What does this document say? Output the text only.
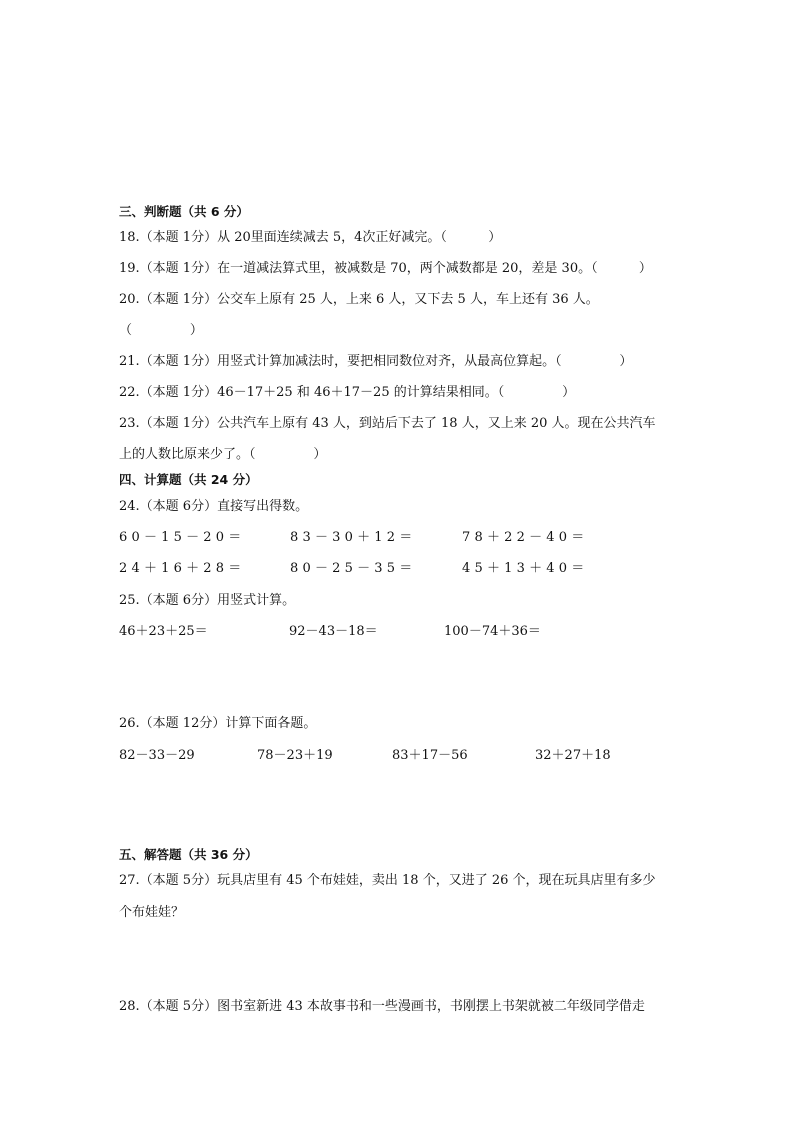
三、判断题（共 6 分）
18.（本题 1分）从 20里面连续减去 5，4次正好减完。（          ）
19.（本题 1分）在一道减法算式里，被减数是 70，两个减数都是 20，差是 30。（          ）
20.（本题 1分）公交车上原有 25 人，上来 6 人，又下去 5 人，车上还有 36 人。
（              ）
21.（本题 1分）用竖式计算加减法时，要把相同数位对齐，从最高位算起。（              ）
22.（本题 1分）46－17＋25 和 46＋17－25 的计算结果相同。（              ）
23.（本题 1分）公共汽车上原有 43 人，到站后下去了 18 人，又上来 20 人。现在公共汽车
上的人数比原来少了。（              ）
四、计算题（共 24 分）
24.（本题 6分）直接写出得数。
60－15－20＝	83－30＋12＝	78＋22－40＝
24＋16＋28＝	80－25－35＝	45＋13＋40＝
25.（本题 6分）用竖式计算。
46＋23＋25＝	92－43－18＝	100－74＋36＝
26.（本题 12分）计算下面各题。
82－33－29	78－23＋19	83＋17－56	32＋27＋18
五、解答题（共 36 分）
27.（本题 5分）玩具店里有 45 个布娃娃，卖出 18 个，又进了 26 个，现在玩具店里有多少
个布娃娃？
28.（本题 5分）图书室新进 43 本故事书和一些漫画书，书刚摆上书架就被二年级同学借走
